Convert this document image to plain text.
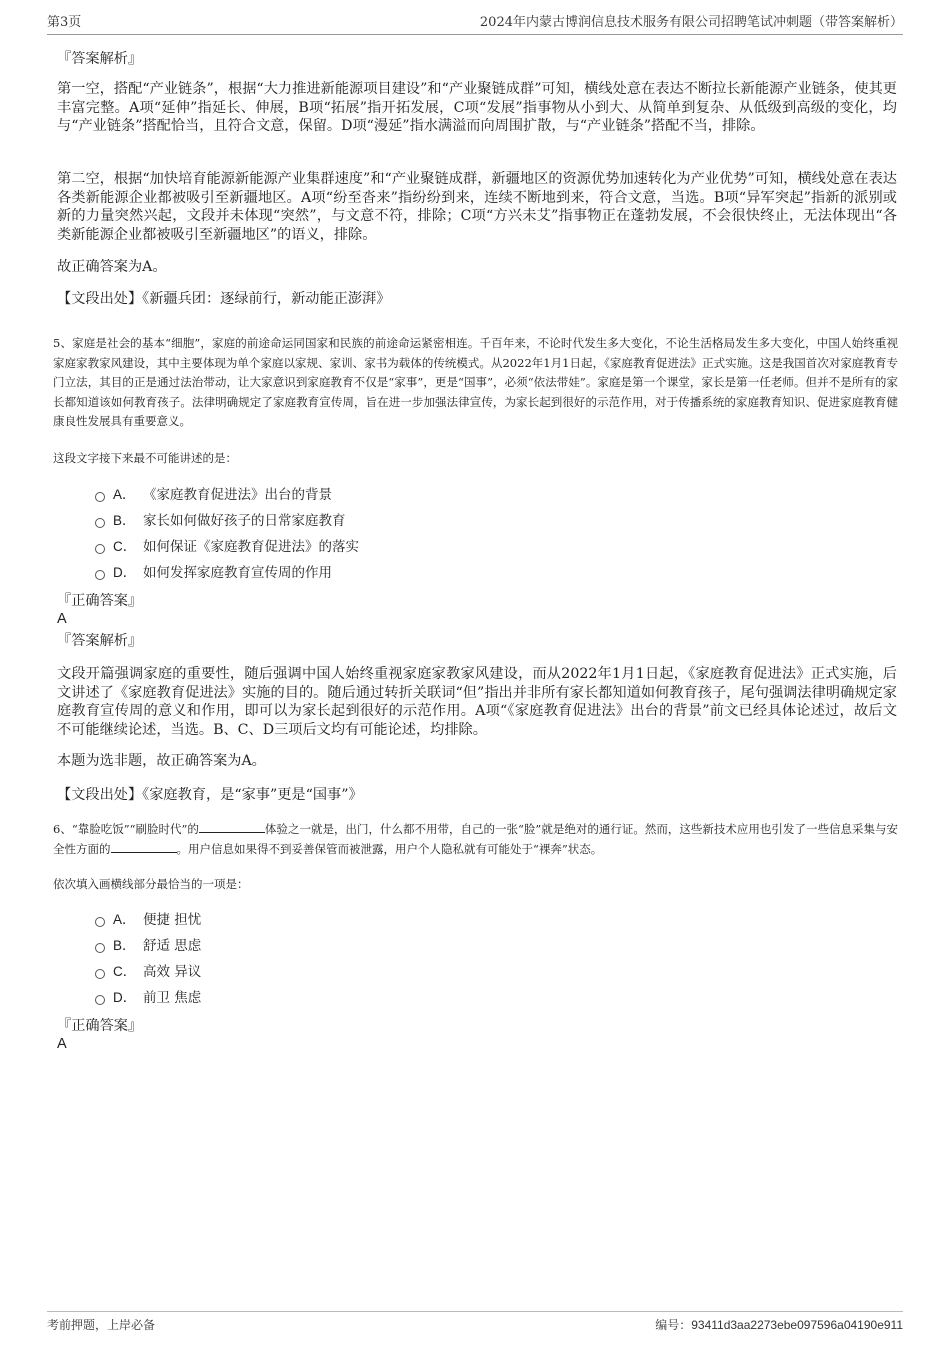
第3页	2024年内蒙古博润信息技术服务有限公司招聘笔试冲刺题（带答案解析）

『答案解析』

第一空，搭配“产业链条”，根据“大力推进新能源项目建设”和“产业聚链成群”可知，横线处意在表达不断拉长新能源产业链条，使其更丰富完整。A项“延伸”指延长、伸展，B项“拓展”指开拓发展，C项“发展”指事物从小到大、从简单到复杂、从低级到高级的变化，均与“产业链条”搭配恰当，且符合文意，保留。D项“漫延”指水满溢而向周围扩散，与“产业链条”搭配不当，排除。

第二空，根据“加快培育能源新能源产业集群速度”和“产业聚链成群，新疆地区的资源优势加速转化为产业优势”可知，横线处意在表达各类新能源企业都被吸引至新疆地区。A项“纷至沓来”指纷纷到来，连续不断地到来，符合文意，当选。B项“异军突起”指新的派别或新的力量突然兴起，文段并未体现“突然”，与文意不符，排除；C项“方兴未艾”指事物正在蓬勃发展，不会很快终止，无法体现出“各类新能源企业都被吸引至新疆地区”的语义，排除。

故正确答案为A。

【文段出处】《新疆兵团：逐绿前行，新动能正澎湃》

5、家庭是社会的基本“细胞”，家庭的前途命运同国家和民族的前途命运紧密相连。千百年来，不论时代发生多大变化，不论生活格局发生多大变化，中国人始终重视家庭家教家风建设，其中主要体现为单个家庭以家规、家训、家书为载体的传统模式。从2022年1月1日起，《家庭教育促进法》正式实施。这是我国首次对家庭教育专门立法，其目的正是通过法治带动，让大家意识到家庭教育不仅是“家事”，更是“国事”，必须“依法带娃”。家庭是第一个课堂，家长是第一任老师。但并不是所有的家长都知道该如何教育孩子。法律明确规定了家庭教育宣传周，旨在进一步加强法律宣传，为家长起到很好的示范作用，对于传播系统的家庭教育知识、促进家庭教育健康良性发展具有重要意义。

这段文字接下来最不可能讲述的是：

A． 《家庭教育促进法》出台的背景
B． 家长如何做好孩子的日常家庭教育
C． 如何保证《家庭教育促进法》的落实
D． 如何发挥家庭教育宣传周的作用

『正确答案』

A

『答案解析』

文段开篇强调家庭的重要性，随后强调中国人始终重视家庭家教家风建设，而从2022年1月1日起，《家庭教育促进法》正式实施，后文讲述了《家庭教育促进法》实施的目的。随后通过转折关联词“但”指出并非所有家长都知道如何教育孩子，尾句强调法律明确规定家庭教育宣传周的意义和作用，即可以为家长起到很好的示范作用。A项“《家庭教育促进法》出台的背景”前文已经具体论述过，故后文不可能继续论述，当选。B、C、D三项后文均有可能论述，均排除。

本题为选非题，故正确答案为A。

【文段出处】《家庭教育，是“家事”更是“国事”》

6、“靠脸吃饭”“刷脸时代”的	体验之一就是，出门，什么都不用带，自己的一张“脸”就是绝对的通行证。然而，这些新技术应用也引发了一些信息采集与安全性方面的	。用户信息如果得不到妥善保管而被泄露，用户个人隐私就有可能处于“裸奔”状态。

依次填入画横线部分最恰当的一项是：

A． 便捷 担忧
B． 舒适 思虑
C． 高效 异议
D． 前卫 焦虑

『正确答案』

A

考前押题，上岸必备	编号：93411d3aa2273ebe097596a04190e911
